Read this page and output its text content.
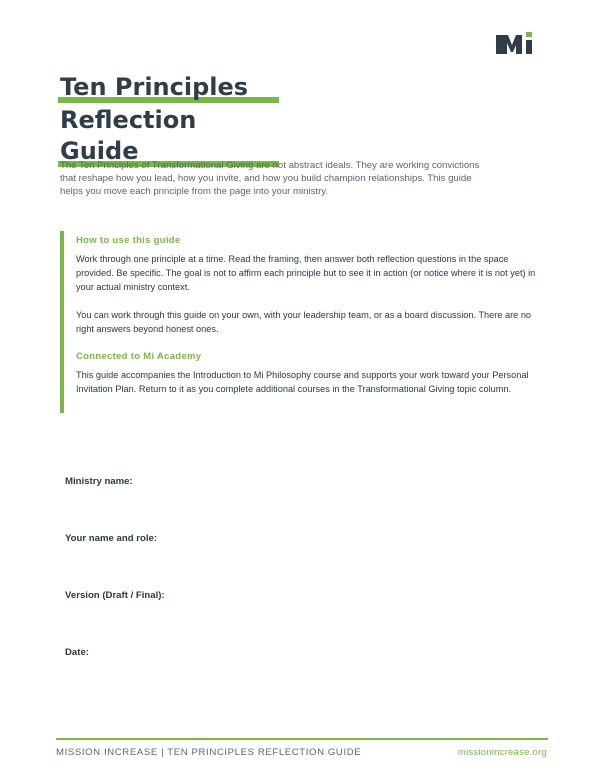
Ten Principles
Reflection Guide

The Ten Principles of Transformational Giving are not abstract ideals. They are working convictions that reshape how you lead, how you invite, and how you build champion relationships. This guide helps you move each principle from the page into your ministry.

How to use this guide

Work through one principle at a time. Read the framing, then answer both reflection questions in the space provided. Be specific. The goal is not to affirm each principle but to see it in action (or notice where it is not yet) in your actual ministry context.

You can work through this guide on your own, with your leadership team, or as a board discussion. There are no right answers beyond honest ones.

Connected to Mi Academy

This guide accompanies the Introduction to Mi Philosophy course and supports your work toward your Personal Invitation Plan. Return to it as you complete additional courses in the Transformational Giving topic column.

Ministry name:
Your name and role:
Version (Draft / Final):
Date:
MISSION INCREASE | TEN PRINCIPLES REFLECTION GUIDE	missionincrease.org
